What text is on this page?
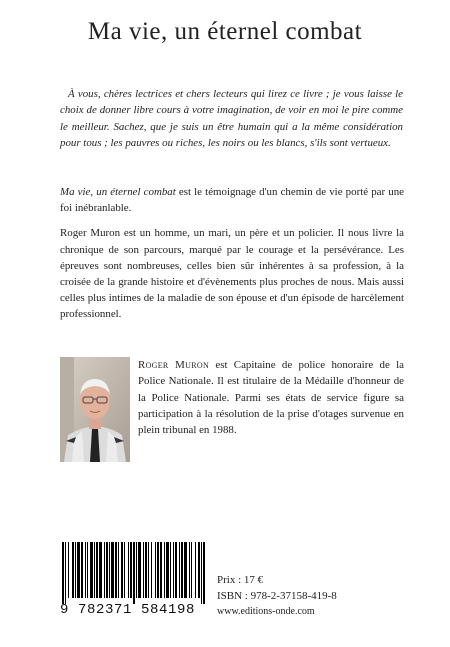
Ma vie, un éternel combat
À vous, chères lectrices et chers lecteurs qui lirez ce livre ; je vous laisse le choix de donner libre cours à votre imagination, de voir en moi le pire comme le meilleur. Sachez, que je suis un être humain qui a la même considération pour tous ; les pauvres ou riches, les noirs ou les blancs, s'ils sont vertueux.

Ma vie, un éternel combat est le témoignage d'un chemin de vie porté par une foi inébranlable.

Roger Muron est un homme, un mari, un père et un policier. Il nous livre la chronique de son parcours, marqué par le courage et la persévérance. Les épreuves sont nombreuses, celles bien sûr inhérentes à sa profession, à la croisée de la grande histoire et d'évènements plus proches de nous. Mais aussi celles plus intimes de la maladie de son épouse et d'un épisode de harcèlement professionnel.

Roger Muron est Capitaine de police honoraire de la Police Nationale. Il est titulaire de la Médaille d'honneur de la Police Nationale. Parmi ses états de service figure sa participation à la résolution de la prise d'otages survenue en plein tribunal en 1988.
9 782371 584198
Prix : 17 €
ISBN : 978-2-37158-419-8
www.editions-onde.com
